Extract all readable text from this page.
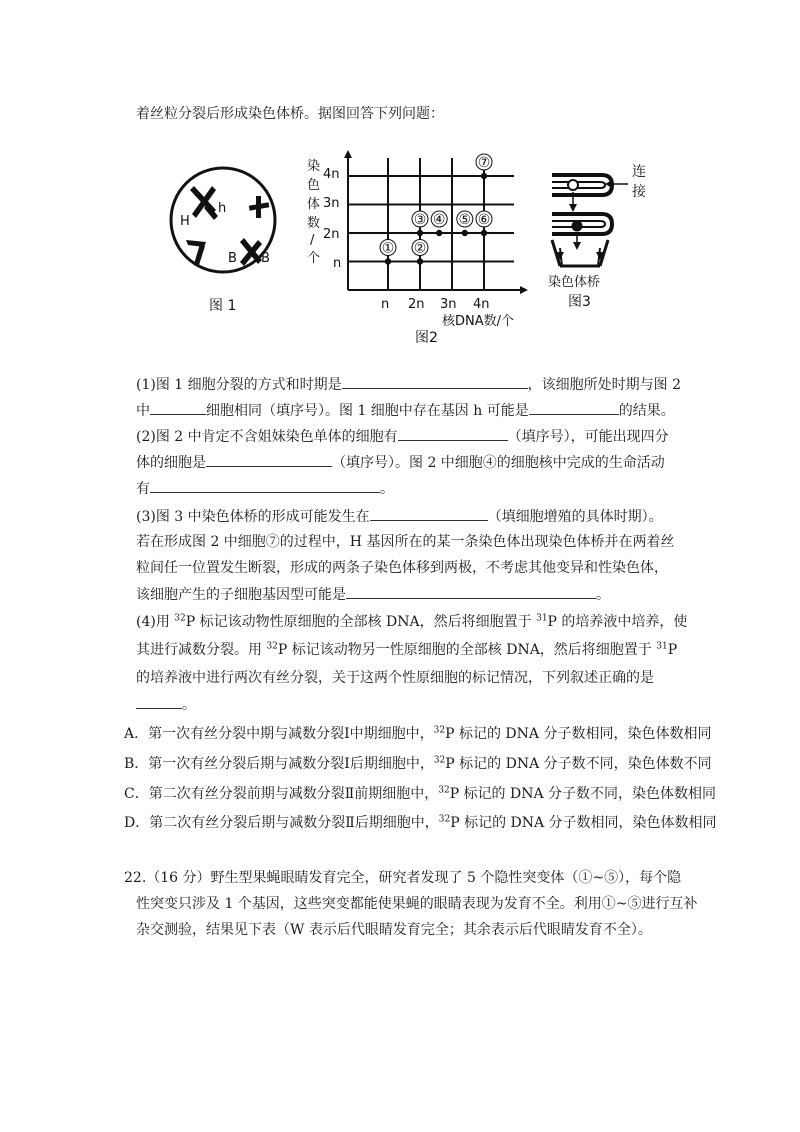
着丝粒分裂后形成染色体桥。据图回答下列问题：
H
h
B B
图 1
染
色
体
数
/
个
4n
3n
2n
n
n 2n 3n 4n
核DNA数/个
图2
① ②
③ ④ ⑤ ⑥
⑦
连
接
染色体桥
图3
(1)图 1 细胞分裂的方式和时期是	，该细胞所处时期与图 2
中	细胞相同（填序号）。图 1 细胞中存在基因 h 可能是	的结果。
(2)图 2 中肯定不含姐妹染色单体的细胞有	（填序号），可能出现四分
体的细胞是	（填序号）。图 2 中细胞④的细胞核中完成的生命活动
有	。
(3)图 3 中染色体桥的形成可能发生在	（填细胞增殖的具体时期）。
若在形成图 2 中细胞⑦的过程中，H 基因所在的某一条染色体出现染色体桥并在两着丝
粒间任一位置发生断裂，形成的两条子染色体移到两极，不考虑其他变异和性染色体，
该细胞产生的子细胞基因型可能是	。
(4)用 $^{32}$P 标记该动物性原细胞的全部核 DNA，然后将细胞置于 $^{31}$P 的培养液中培养，使
其进行减数分裂。用 $^{32}$P 标记该动物另一性原细胞的全部核 DNA，然后将细胞置于 $^{31}$P
的培养液中进行两次有丝分裂，关于这两个性原细胞的标记情况，下列叙述正确的是
。
A．第一次有丝分裂中期与减数分裂Ⅰ中期细胞中，$^{32}$P 标记的 DNA 分子数相同，染色体数相同
B．第一次有丝分裂后期与减数分裂Ⅰ后期细胞中，$^{32}$P 标记的 DNA 分子数不同，染色体数不同
C．第二次有丝分裂前期与减数分裂Ⅱ前期细胞中，$^{32}$P 标记的 DNA 分子数不同，染色体数相同
D．第二次有丝分裂后期与减数分裂Ⅱ后期细胞中，$^{32}$P 标记的 DNA 分子数相同，染色体数相同
22.（16 分）野生型果蝇眼睛发育完全，研究者发现了 5 个隐性突变体（①~⑤），每个隐
性突变只涉及 1 个基因，这些突变都能使果蝇的眼睛表现为发育不全。利用①~⑤进行互补
杂交测验，结果见下表（W 表示后代眼睛发育完全；其余表示后代眼睛发育不全）。
